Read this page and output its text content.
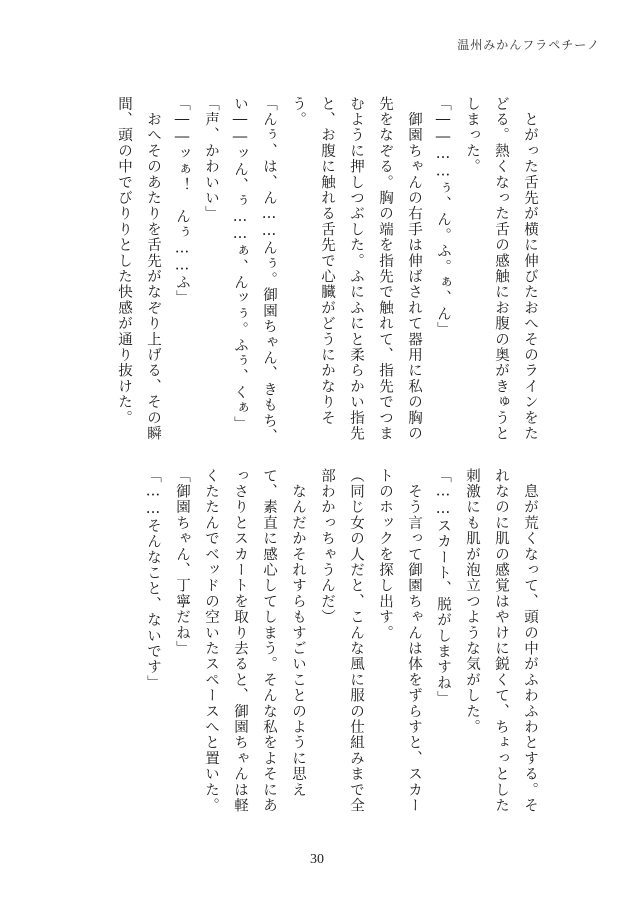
温州みかんフラペチーノ
　とがった舌先が横に伸びたおへそのラインをた
どる。熱くなった舌の感触にお腹の奥がきゅうと
しまった。
「――……ぅ、ん。ふ。ぁ、ん」
　御園ちゃんの右手は伸ばされて器用に私の胸の
先をなぞる。胸の端を指先で触れて、指先でつま
むように押しつぶした。ふにふにと柔らかい指先
と、お腹に触れる舌先で心臓がどうにかなりそ
う。
「んぅ、は、ん……んぅ。御園ちゃん、きもち、
い――ッん、ぅ……ぁ、んッぅ。ふぅ、くぁ」
「声、かわいい」
「――ッぁ！　んぅ……ふ」
　おへそのあたりを舌先がなぞり上げる、その瞬
間、頭の中でびりりとした快感が通り抜けた。
　息が荒くなって、頭の中がふわふわとする。そ
れなのに肌の感覚はやけに鋭くて、ちょっとした
刺激にも肌が泡立つような気がした。
「……スカート、脱がしますね」
　そう言って御園ちゃんは体をずらすと、スカー
トのホックを探し出す。
（同じ女の人だと、こんな風に服の仕組みまで全
部わかっちゃうんだ）
　なんだかそれすらもすごいことのように思え
て、素直に感心してしまう。そんな私をよそにあ
っさりとスカートを取り去ると、御園ちゃんは軽
くたたんでベッドの空いたスペースへと置いた。
「御園ちゃん、丁寧だね」
「……そんなこと、ないです」
30
